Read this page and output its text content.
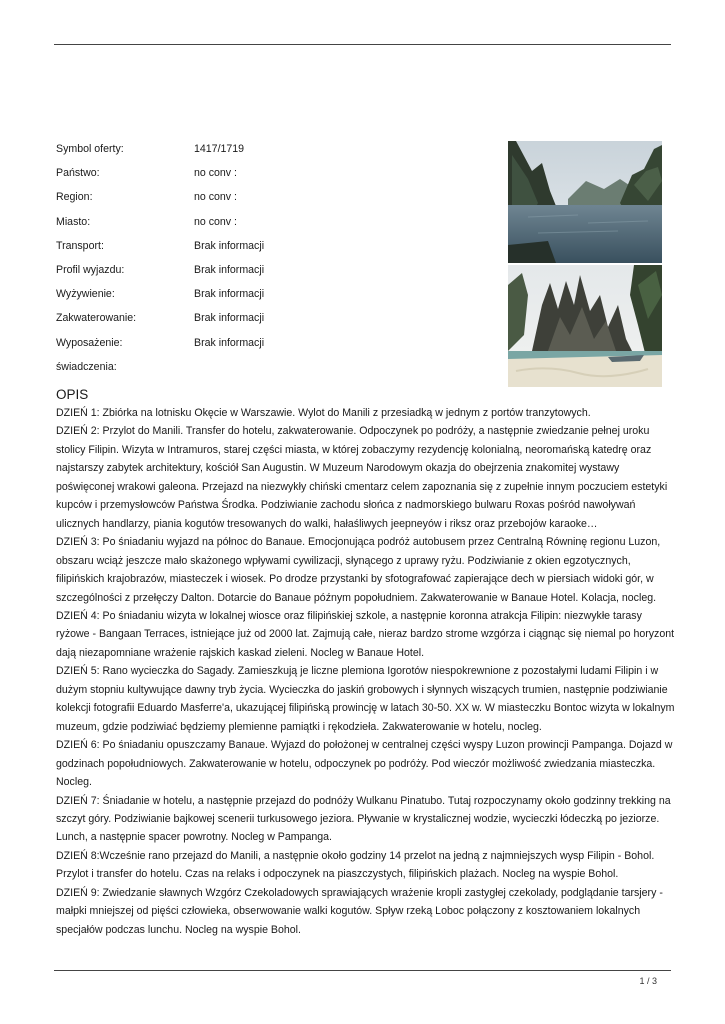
Symbol oferty:	1417/1719
Państwo:	no conv :
Region:	no conv :
Miasto:	no conv :
Transport:	Brak informacji
Profil wyjazdu:	Brak informacji
Wyżywienie:	Brak informacji
Zakwaterowanie:	Brak informacji
Wyposażenie:	Brak informacji
świadczenia:
OPIS

DZIEŃ 1: Zbiórka na lotnisku Okęcie w Warszawie. Wylot do Manili z przesiadką w jednym z portów tranzytowych.

DZIEŃ 2: Przylot do Manili. Transfer do hotelu, zakwaterowanie. Odpoczynek po podróży, a następnie zwiedzanie pełnej uroku stolicy Filipin. Wizyta w Intramuros, starej części miasta, w której zobaczymy rezydencję kolonialną, neoromańską katedrę oraz najstarszy zabytek architektury, kościół San Augustin. W Muzeum Narodowym okazja do obejrzenia znakomitej wystawy poświęconej wrakowi galeona. Przejazd na niezwykły chiński cmentarz celem zapoznania się z zupełnie innym poczuciem estetyki kupców i przemysłowców Państwa Środka. Podziwianie zachodu słońca z nadmorskiego bulwaru Roxas pośród nawoływań ulicznych handlarzy, piania kogutów tresowanych do walki, hałaśliwych jeepneyów i riksz oraz przebojów karaoke…

DZIEŃ 3: Po śniadaniu wyjazd na północ do Banaue. Emocjonująca podróż autobusem przez Centralną Równinę regionu Luzon, obszaru wciąż jeszcze mało skażonego wpływami cywilizacji, słynącego z uprawy ryżu. Podziwianie z okien egzotycznych, filipińskich krajobrazów, miasteczek i wiosek. Po drodze przystanki by sfotografować zapierające dech w piersiach widoki gór, w szczególności z przełęczy Dalton. Dotarcie do Banaue późnym popołudniem. Zakwaterowanie w Banaue Hotel. Kolacja, nocleg.

DZIEŃ 4: Po śniadaniu wizyta w lokalnej wiosce oraz filipińskiej szkole, a następnie koronna atrakcja Filipin: niezwykłe tarasy ryżowe - Bangaan Terraces, istniejące już od 2000 lat. Zajmują całe, nieraz bardzo strome wzgórza i ciągnąc się niemal po horyzont dają niezapomniane wrażenie rajskich kaskad zieleni. Nocleg w Banaue Hotel.

DZIEŃ 5: Rano wycieczka do Sagady. Zamieszkują je liczne plemiona Igorotów niespokrewnione z pozostałymi ludami Filipin i w dużym stopniu kultywujące dawny tryb życia. Wycieczka do jaskiń grobowych i słynnych wiszących trumien, następnie podziwianie kolekcji fotografii Eduardo Masferre'a, ukazującej filipińską prowincję w latach 30-50. XX w. W miasteczku Bontoc wizyta w lokalnym muzeum, gdzie podziwiać będziemy plemienne pamiątki i rękodzieła. Zakwaterowanie w hotelu, nocleg.

DZIEŃ 6: Po śniadaniu opuszczamy Banaue. Wyjazd do położonej w centralnej części wyspy Luzon prowincji Pampanga. Dojazd w godzinach popołudniowych. Zakwaterowanie w hotelu, odpoczynek po podróży. Pod wieczór możliwość zwiedzania miasteczka. Nocleg.

DZIEŃ 7: Śniadanie w hotelu, a następnie przejazd do podnóży Wulkanu Pinatubo. Tutaj rozpoczynamy około godzinny trekking na szczyt góry. Podziwianie bajkowej scenerii turkusowego jeziora. Pływanie w krystalicznej wodzie, wycieczki łódeczką po jeziorze. Lunch, a następnie spacer powrotny. Nocleg w Pampanga.

DZIEŃ 8:Wcześnie rano przejazd do Manili, a następnie około godziny 14 przelot na jedną z najmniejszych wysp Filipin - Bohol. Przylot i transfer do hotelu. Czas na relaks i odpoczynek na piaszczystych, filipińskich plażach. Nocleg na wyspie Bohol.

DZIEŃ 9: Zwiedzanie sławnych Wzgórz Czekoladowych sprawiających wrażenie kropli zastygłej czekolady, podglądanie tarsjery - małpki mniejszej od pięści człowieka, obserwowanie walki kogutów. Spływ rzeką Loboc połączony z kosztowaniem lokalnych specjałów podczas lunchu. Nocleg na wyspie Bohol.

1 / 3
